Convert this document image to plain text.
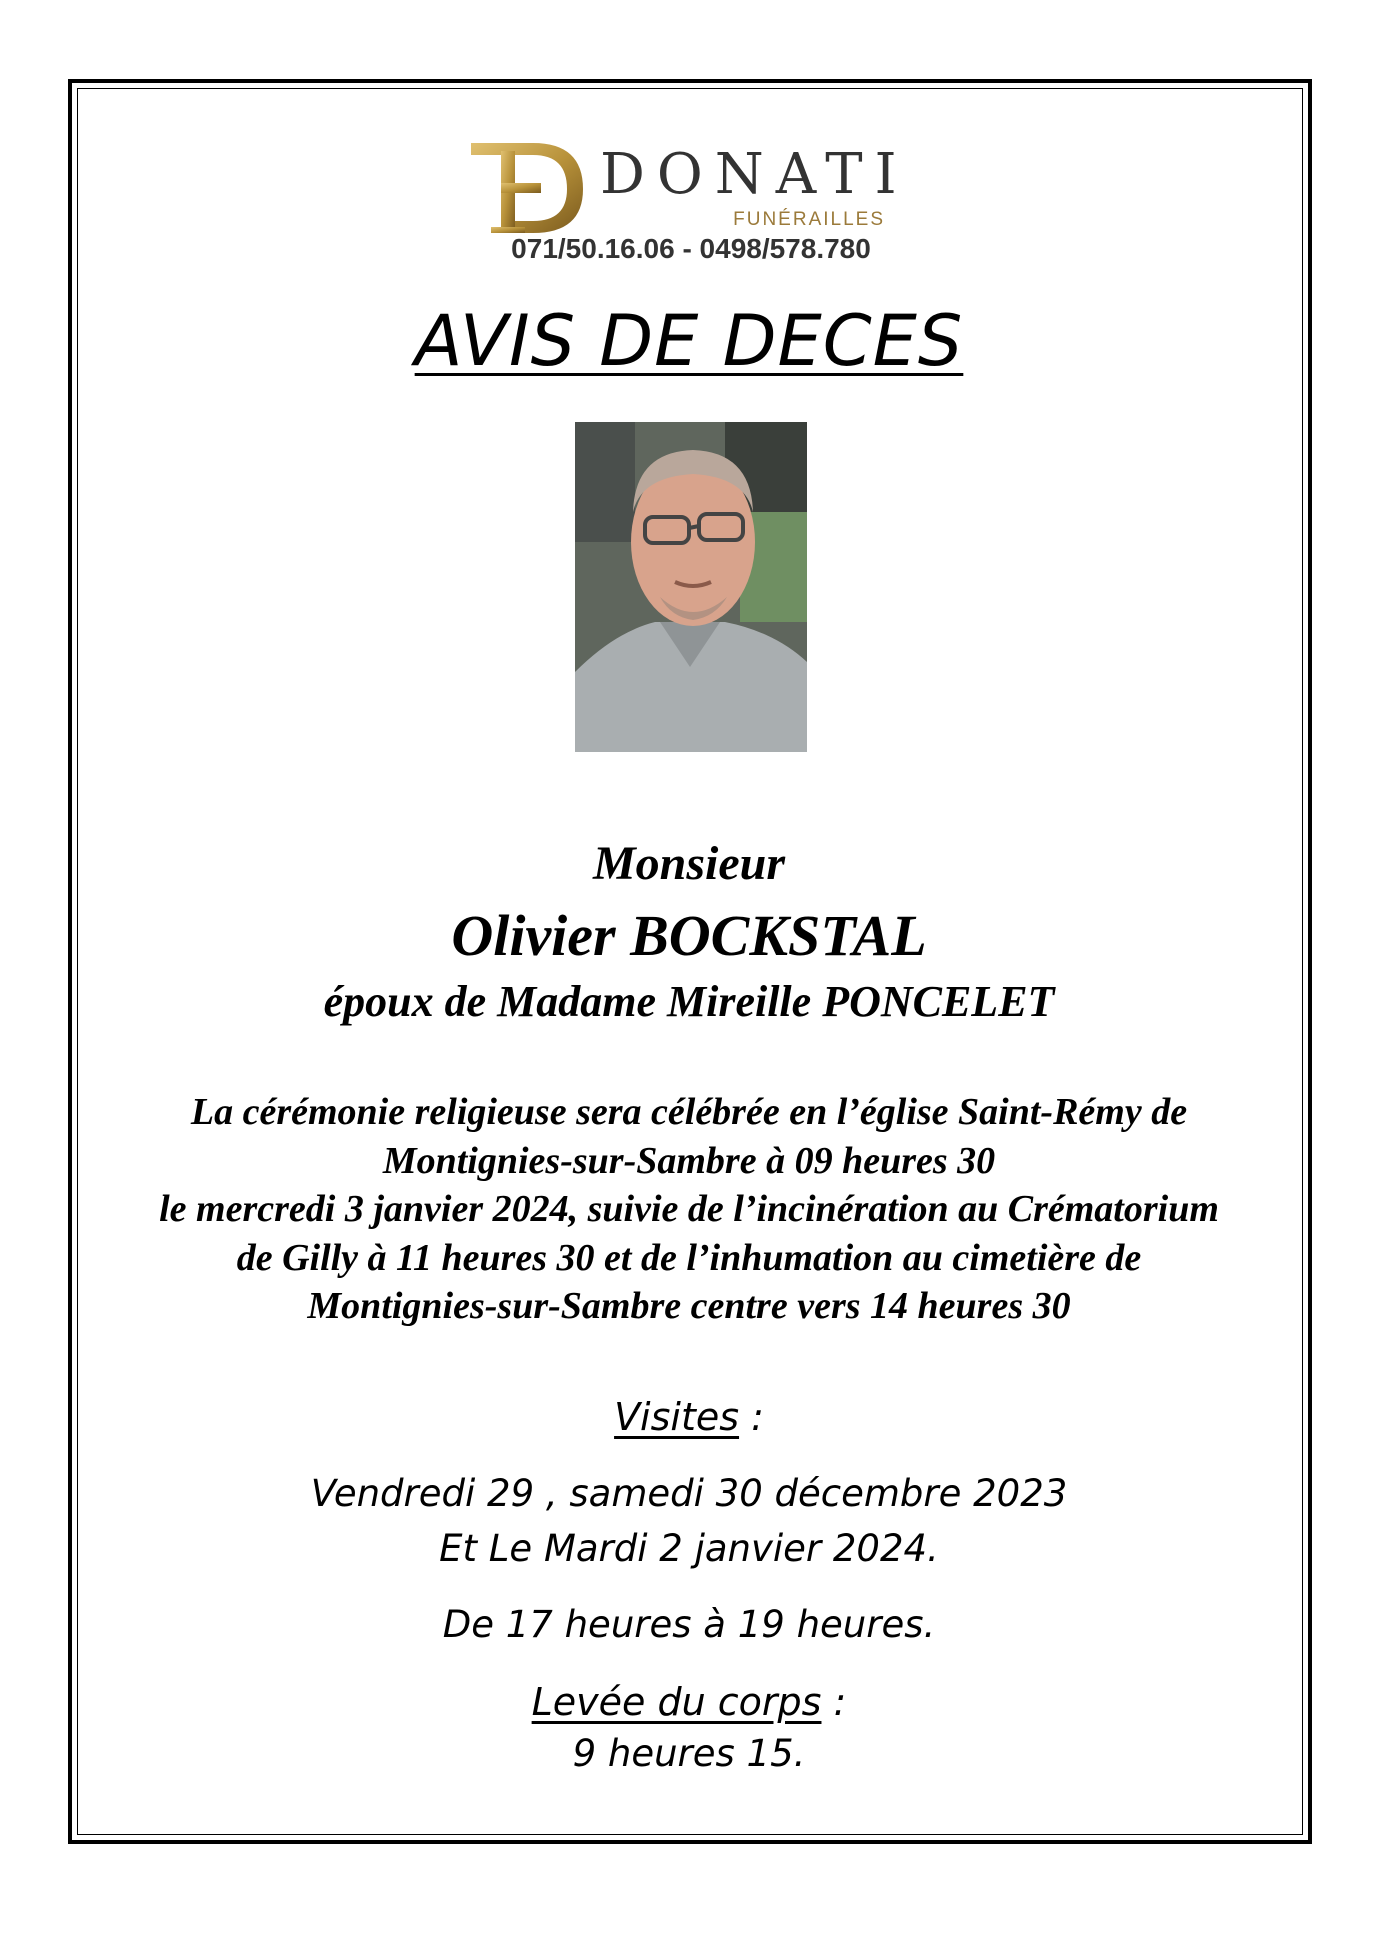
DONATI
FUNÉRAILLES
071/50.16.06 - 0498/578.780
AVIS DE DECES
Monsieur
Olivier BOCKSTAL
époux de Madame Mireille PONCELET
La cérémonie religieuse sera célébrée en l’église Saint-Rémy de
Montignies-sur-Sambre à 09 heures 30
le mercredi 3 janvier 2024, suivie de l’incinération au Crématorium
de Gilly à 11 heures 30 et de l’inhumation au cimetière de
Montignies-sur-Sambre centre vers 14 heures 30
Visites :
Vendredi 29 , samedi 30 décembre 2023
Et Le Mardi 2 janvier 2024.
De 17 heures à 19 heures.
Levée du corps :
9 heures 15.
